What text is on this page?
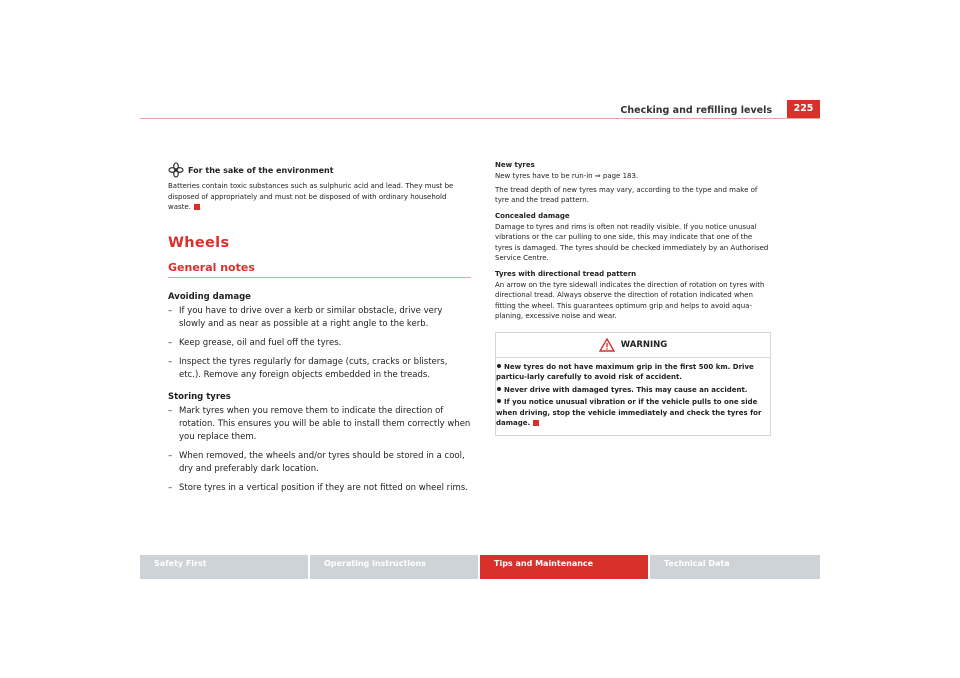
Checking and refilling levels	225
For the sake of the environment
Batteries contain toxic substances such as sulphuric acid and lead. They must be disposed of appropriately and must not be disposed of with ordinary household waste.
Wheels
General notes
Avoiding damage
– If you have to drive over a kerb or similar obstacle, drive very slowly and as near as possible at a right angle to the kerb.
– Keep grease, oil and fuel off the tyres.
– Inspect the tyres regularly for damage (cuts, cracks or blisters, etc.). Remove any foreign objects embedded in the treads.
Storing tyres
– Mark tyres when you remove them to indicate the direction of rotation. This ensures you will be able to install them correctly when you replace them.
– When removed, the wheels and/or tyres should be stored in a cool, dry and preferably dark location.
– Store tyres in a vertical position if they are not fitted on wheel rims.
New tyres
New tyres have to be run-in ⇒ page 183.
The tread depth of new tyres may vary, according to the type and make of tyre and the tread pattern.
Concealed damage
Damage to tyres and rims is often not readily visible. If you notice unusual vibrations or the car pulling to one side, this may indicate that one of the tyres is damaged. The tyres should be checked immediately by an Authorised Service Centre.
Tyres with directional tread pattern
An arrow on the tyre sidewall indicates the direction of rotation on tyres with directional tread. Always observe the direction of rotation indicated when fitting the wheel. This guarantees optimum grip and helps to avoid aqua-planing, excessive noise and wear.
WARNING
New tyres do not have maximum grip in the first 500 km. Drive particu-larly carefully to avoid risk of accident.
Never drive with damaged tyres. This may cause an accident.
If you notice unusual vibration or if the vehicle pulls to one side when driving, stop the vehicle immediately and check the tyres for damage.
Safety First	Operating instructions	Tips and Maintenance	Technical Data
